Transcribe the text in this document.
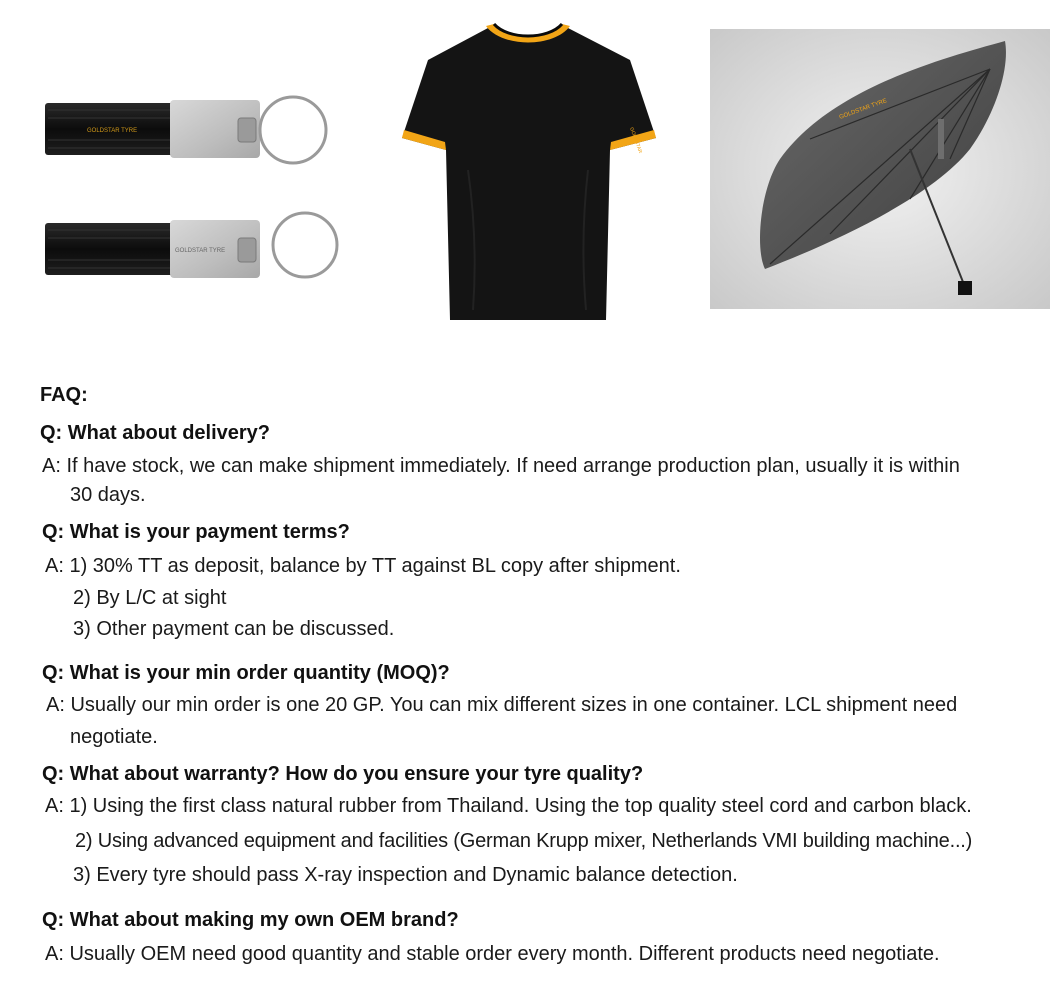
GOLDSTAR TYRE
GOLDSTAR TYRE
GOLDSTAR
GOLDSTAR TYRE
FAQ:
Q: What about delivery?
A: If have stock, we can make shipment immediately. If need arrange production plan, usually it is within
30 days.
Q: What is your payment terms?
A: 1) 30% TT as deposit, balance by TT against BL copy after shipment.
2) By L/C at sight
3) Other payment can be discussed.
Q: What is your min order quantity (MOQ)?
A: Usually our min order is one 20 GP. You can mix different sizes in one container. LCL shipment need
negotiate.
Q: What about warranty? How do you ensure your tyre quality?
A: 1) Using the first class natural rubber from Thailand. Using the top quality steel cord and carbon black.
2) Using advanced equipment and facilities (German Krupp mixer, Netherlands VMI building machine...)
3) Every tyre should pass X-ray inspection and Dynamic balance detection.
Q: What about making my own OEM brand?
A: Usually OEM need good quantity and stable order every month. Different products need negotiate.
